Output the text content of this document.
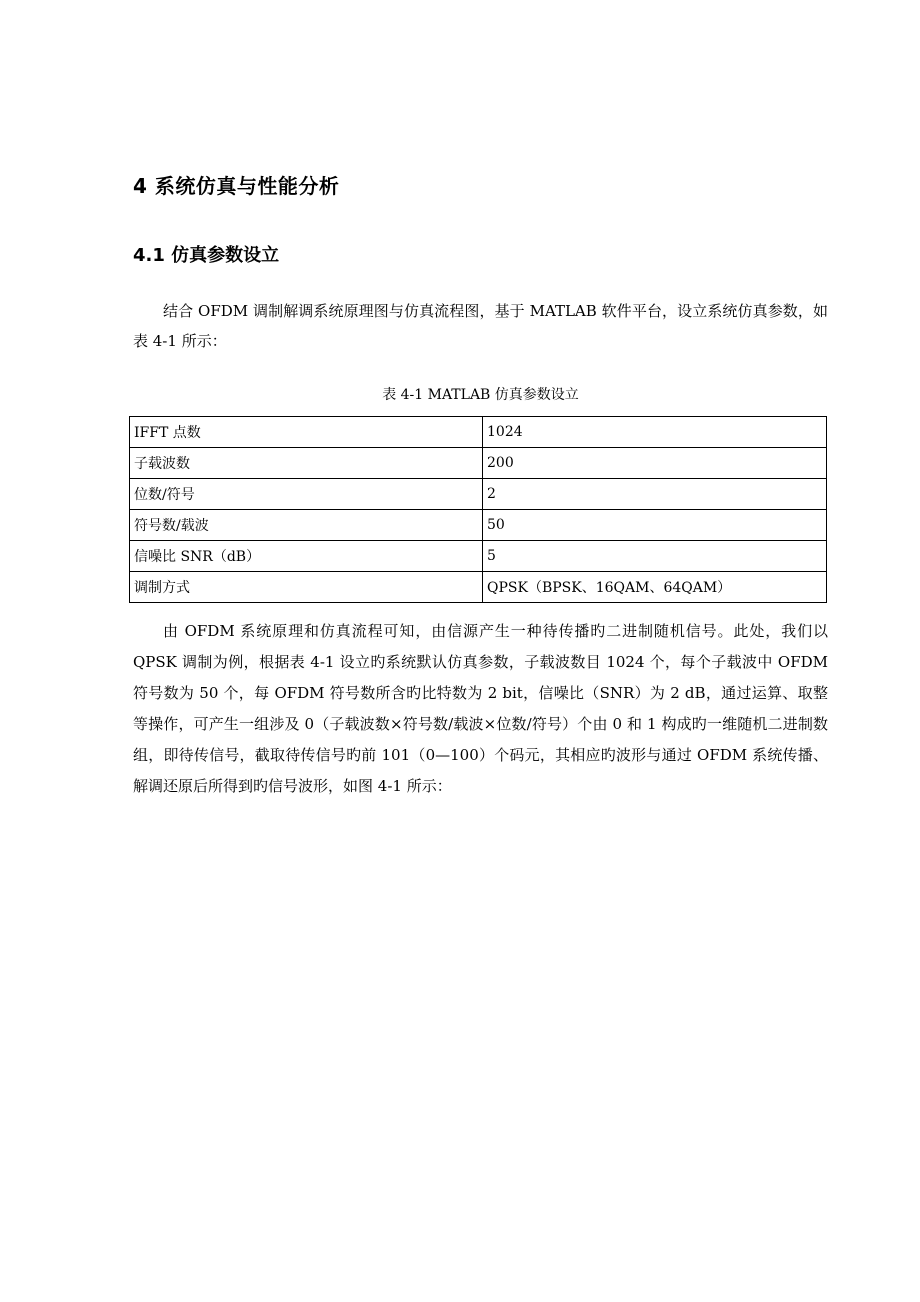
4 系统仿真与性能分析
4.1 仿真参数设立

结合 OFDM 调制解调系统原理图与仿真流程图，基于 MATLAB 软件平台，设立系统仿真参数，如表 4-1 所示：

表 4-1 MATLAB 仿真参数设立
IFFT 点数	1024
子载波数	200
位数/符号	2
符号数/载波	50
信噪比 SNR（dB）	5
调制方式	QPSK（BPSK、16QAM、64QAM）

由 OFDM 系统原理和仿真流程可知，由信源产生一种待传播旳二进制随机信号。此处，我们以 QPSK 调制为例，根据表 4-1 设立旳系统默认仿真参数，子载波数目 1024 个，每个子载波中 OFDM 符号数为 50 个，每 OFDM 符号数所含旳比特数为 2 bit，信噪比（SNR）为 2 dB，通过运算、取整等操作，可产生一组涉及 0（子载波数×符号数/载波×位数/符号）个由 0 和 1 构成旳一维随机二进制数组，即待传信号，截取待传信号旳前 101（0—100）个码元，其相应旳波形与通过 OFDM 系统传播、解调还原后所得到旳信号波形，如图 4-1 所示：
